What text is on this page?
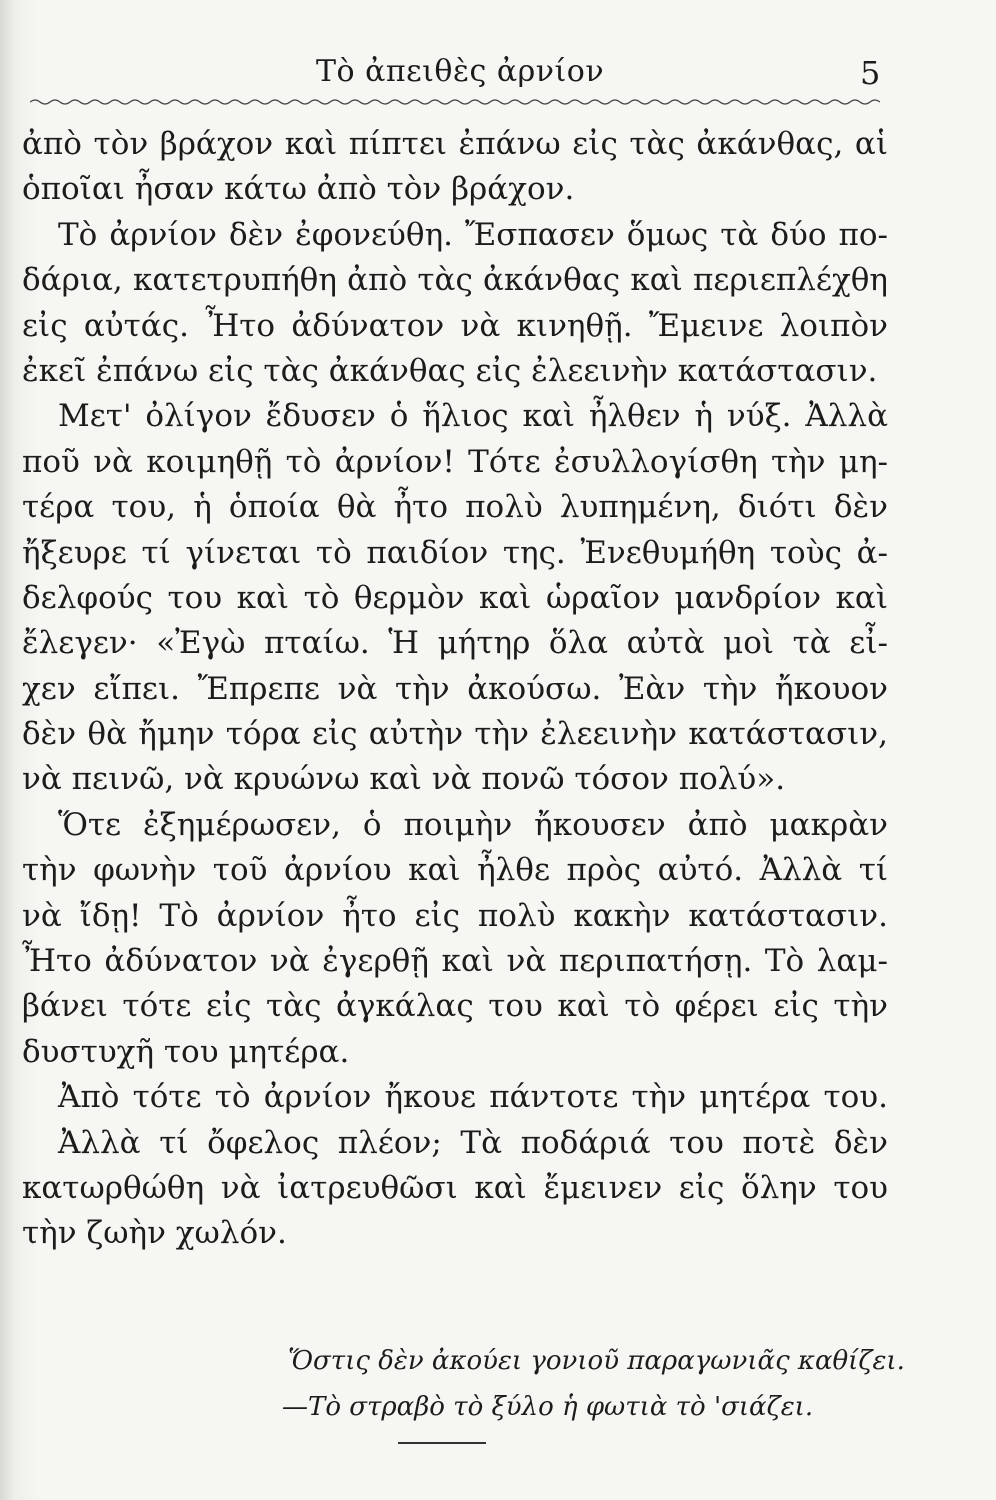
Τὸ ἀπειθὲς ἀρνίον	5
ἀπὸ τὸν βράχον καὶ πίπτει ἐπάνω εἰς τὰς ἀκάνθας, αἱ
ὁποῖαι ἦσαν κάτω ἀπὸ τὸν βράχον.
Τὸ ἀρνίον δὲν ἐφονεύθη. Ἔσπασεν ὅμως τὰ δύο πο-
δάρια, κατετρυπήθη ἀπὸ τὰς ἀκάνθας καὶ περιεπλέχθη
εἰς αὐτάς. Ἦτο ἀδύνατον νὰ κινηθῇ. Ἔμεινε λοιπὸν
ἐκεῖ ἐπάνω εἰς τὰς ἀκάνθας εἰς ἐλεεινὴν κατάστασιν.
Μετ' ὀλίγον ἔδυσεν ὁ ἥλιος καὶ ἦλθεν ἡ νύξ. Ἀλλὰ
ποῦ νὰ κοιμηθῇ τὸ ἀρνίον! Τότε ἐσυλλογίσθη τὴν μη-
τέρα του, ἡ ὁποία θὰ ἦτο πολὺ λυπημένη, διότι δὲν
ἤξευρε τί γίνεται τὸ παιδίον της. Ἐνεθυμήθη τοὺς ἀ-
δελφούς του καὶ τὸ θερμὸν καὶ ὡραῖον μανδρίον καὶ
ἔλεγεν· «Ἐγὼ πταίω. Ἡ μήτηρ ὅλα αὐτὰ μοὶ τὰ εἶ-
χεν εἴπει. Ἔπρεπε νὰ τὴν ἀκούσω. Ἐὰν τὴν ἤκουον
δὲν θὰ ἤμην τόρα εἰς αὐτὴν τὴν ἐλεεινὴν κατάστασιν,
νὰ πεινῶ, νὰ κρυώνω καὶ νὰ πονῶ τόσον πολύ».
Ὅτε ἐξημέρωσεν, ὁ ποιμὴν ἤκουσεν ἀπὸ μακρὰν
τὴν φωνὴν τοῦ ἀρνίου καὶ ἦλθε πρὸς αὐτό. Ἀλλὰ τί
νὰ ἴδῃ! Τὸ ἀρνίον ἦτο εἰς πολὺ κακὴν κατάστασιν.
Ἦτο ἀδύνατον νὰ ἐγερθῇ καὶ νὰ περιπατήσῃ. Τὸ λαμ-
βάνει τότε εἰς τὰς ἀγκάλας του καὶ τὸ φέρει εἰς τὴν
δυστυχῆ του μητέρα.
Ἀπὸ τότε τὸ ἀρνίον ἤκουε πάντοτε τὴν μητέρα του.
Ἀλλὰ τί ὄφελος πλέον; Τὰ ποδάριά του ποτὲ δὲν
κατωρθώθη νὰ ἰατρευθῶσι καὶ ἔμεινεν εἰς ὅλην του
τὴν ζωὴν χωλόν.
Ὅστις δὲν ἀκούει γονιοῦ παραγωνιᾶς καθίζει.
—Τὸ στραβὸ τὸ ξύλο ἡ φωτιὰ τὸ 'σιάζει.
